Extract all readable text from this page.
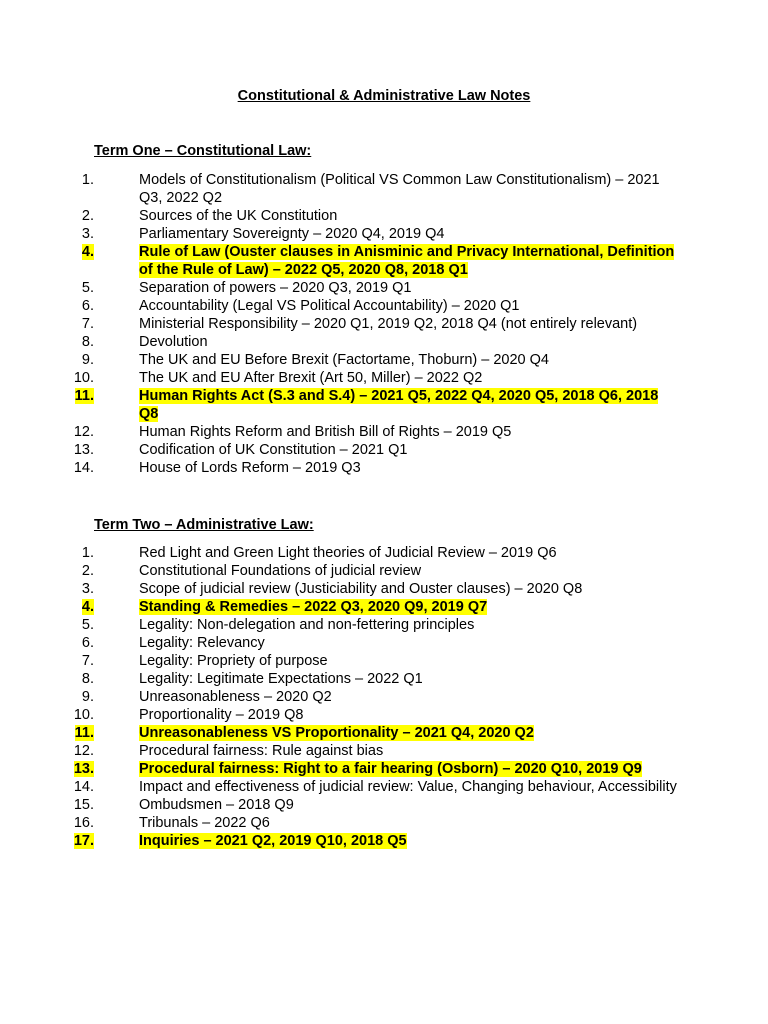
Constitutional & Administrative Law Notes
Term One – Constitutional Law:
1.	Models of Constitutionalism (Political VS Common Law Constitutionalism) – 2021 Q3, 2022 Q2
2.	Sources of the UK Constitution
3.	Parliamentary Sovereignty – 2020 Q4, 2019 Q4
4.	Rule of Law (Ouster clauses in Anisminic and Privacy International, Definition of the Rule of Law) – 2022 Q5, 2020 Q8, 2018 Q1
5.	Separation of powers – 2020 Q3, 2019 Q1
6.	Accountability (Legal VS Political Accountability) – 2020 Q1
7.	Ministerial Responsibility – 2020 Q1, 2019 Q2, 2018 Q4 (not entirely relevant)
8.	Devolution
9.	The UK and EU Before Brexit (Factortame, Thoburn) – 2020 Q4
10.	The UK and EU After Brexit (Art 50, Miller) – 2022 Q2
11.	Human Rights Act (S.3 and S.4) – 2021 Q5, 2022 Q4, 2020 Q5, 2018 Q6, 2018 Q8
12.	Human Rights Reform and British Bill of Rights – 2019 Q5
13.	Codification of UK Constitution – 2021 Q1
14.	House of Lords Reform – 2019 Q3
Term Two – Administrative Law:
1.	Red Light and Green Light theories of Judicial Review – 2019 Q6
2.	Constitutional Foundations of judicial review
3.	Scope of judicial review (Justiciability and Ouster clauses) – 2020 Q8
4.	Standing & Remedies – 2022 Q3, 2020 Q9, 2019 Q7
5.	Legality: Non-delegation and non-fettering principles
6.	Legality: Relevancy
7.	Legality: Propriety of purpose
8.	Legality: Legitimate Expectations – 2022 Q1
9.	Unreasonableness – 2020 Q2
10.	Proportionality – 2019 Q8
11.	Unreasonableness VS Proportionality – 2021 Q4, 2020 Q2
12.	Procedural fairness: Rule against bias
13.	Procedural fairness: Right to a fair hearing (Osborn) – 2020 Q10, 2019 Q9
14.	Impact and effectiveness of judicial review: Value, Changing behaviour, Accessibility
15.	Ombudsmen – 2018 Q9
16.	Tribunals – 2022 Q6
17.	Inquiries – 2021 Q2, 2019 Q10, 2018 Q5
